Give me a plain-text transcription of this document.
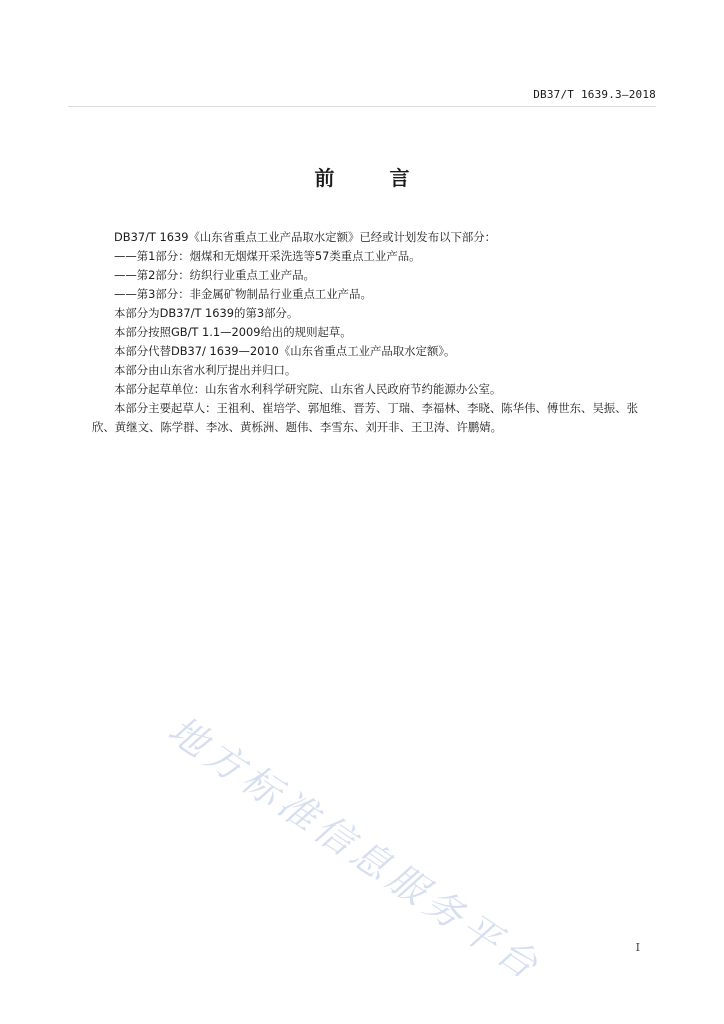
DB37/T 1639.3—2018
前 言

DB37/T 1639《山东省重点工业产品取水定额》已经或计划发布以下部分：

——第1部分：烟煤和无烟煤开采洗选等57类重点工业产品。

——第2部分：纺织行业重点工业产品。

——第3部分：非金属矿物制品行业重点工业产品。

本部分为DB37/T 1639的第3部分。

本部分按照GB/T 1.1—2009给出的规则起草。

本部分代替DB37/ 1639—2010《山东省重点工业产品取水定额》。

本部分由山东省水利厅提出并归口。

本部分起草单位：山东省水利科学研究院、山东省人民政府节约能源办公室。

本部分主要起草人：王祖利、崔培学、郭旭维、晋芳、丁瑞、李福林、李晓、陈华伟、傅世东、吴振、张欣、黄继文、陈学群、李冰、黄栎洲、题伟、李雪东、刘开非、王卫涛、许鹏婧。

地方标准信息服务平台	I
